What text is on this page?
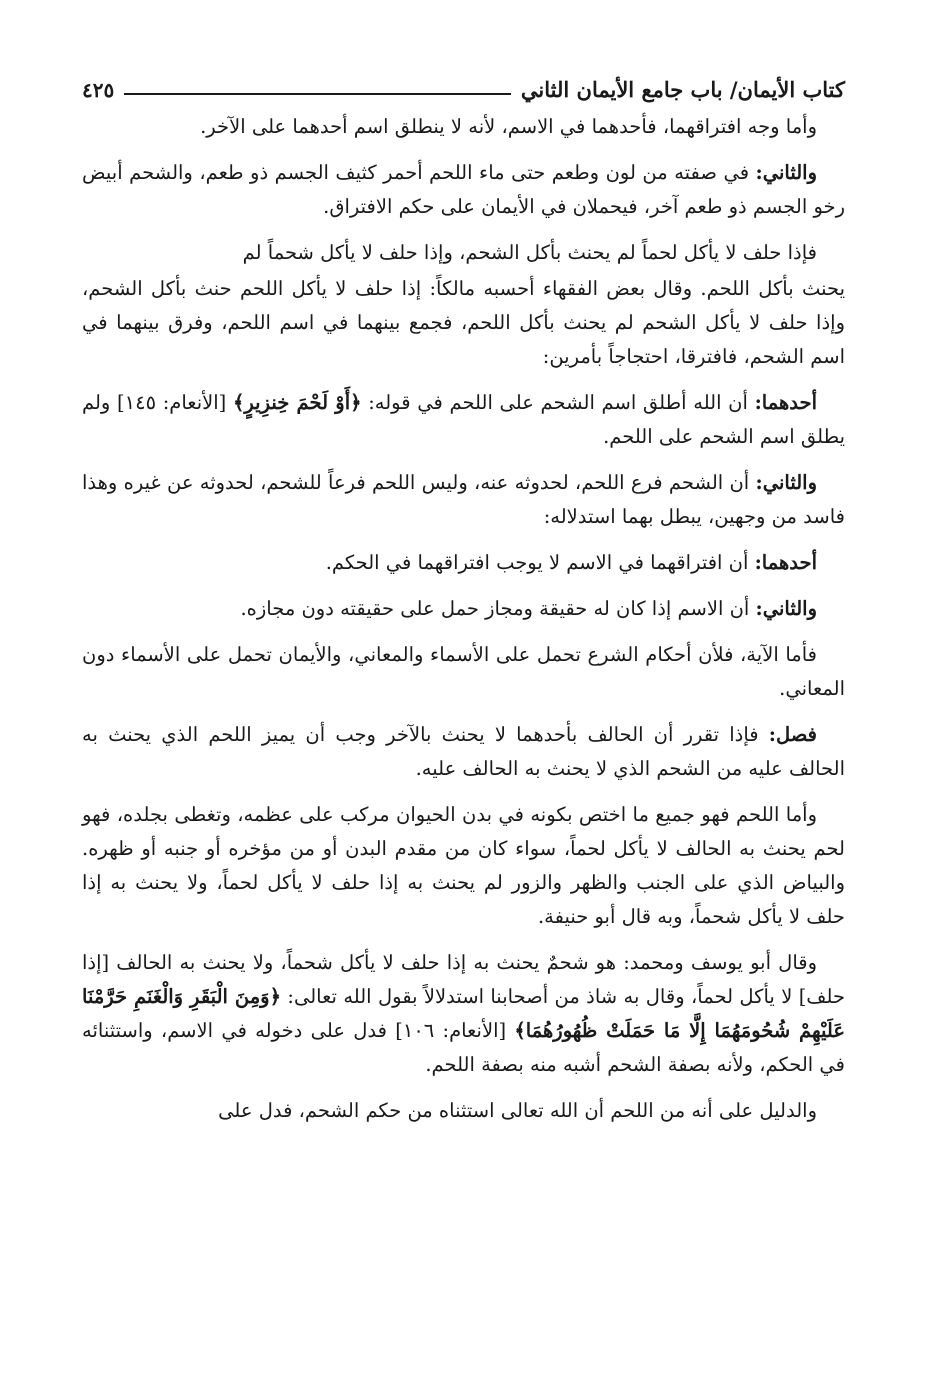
كتاب الأيمان/ باب جامع الأيمان الثاني
٤٢٥

وأما وجه افتراقهما، فأحدهما في الاسم، لأنه لا ينطلق اسم أحدهما على الآخر.

والثاني: في صفته من لون وطعم حتى ماء اللحم أحمر كثيف الجسم ذو طعم، والشحم أبيض رخو الجسم ذو طعم آخر، فيحملان في الأيمان على حكم الافتراق.

فإذا حلف لا يأكل لحماً لم يحنث بأكل الشحم، وإذا حلف لا يأكل شحماً لم

يحنث بأكل اللحم. وقال بعض الفقهاء أحسبه مالكاً: إذا حلف لا يأكل اللحم حنث بأكل الشحم، وإذا حلف لا يأكل الشحم لم يحنث بأكل اللحم، فجمع بينهما في اسم اللحم، وفرق بينهما في اسم الشحم، فافترقا، احتجاجاً بأمرين:

أحدهما: أن الله أطلق اسم الشحم على اللحم في قوله: ﴿أَوْ لَحْمَ خِنزِيرٍ﴾ [الأنعام: ١٤٥] ولم يطلق اسم الشحم على اللحم.

والثاني: أن الشحم فرع اللحم، لحدوثه عنه، وليس اللحم فرعاً للشحم، لحدوثه عن غيره وهذا فاسد من وجهين، يبطل بهما استدلاله:

أحدهما: أن افتراقهما في الاسم لا يوجب افتراقهما في الحكم.

والثاني: أن الاسم إذا كان له حقيقة ومجاز حمل على حقيقته دون مجازه.

فأما الآية، فلأن أحكام الشرع تحمل على الأسماء والمعاني، والأيمان تحمل على الأسماء دون المعاني.

فصل: فإذا تقرر أن الحالف بأحدهما لا يحنث بالآخر وجب أن يميز اللحم الذي يحنث به الحالف عليه من الشحم الذي لا يحنث به الحالف عليه.

وأما اللحم فهو جميع ما اختص بكونه في بدن الحيوان مركب على عظمه، وتغطى بجلده، فهو لحم يحنث به الحالف لا يأكل لحماً، سواء كان من مقدم البدن أو من مؤخره أو جنبه أو ظهره. والبياض الذي على الجنب والظهر والزور لم يحنث به إذا حلف لا يأكل لحماً، ولا يحنث به إذا حلف لا يأكل شحماً، وبه قال أبو حنيفة.

وقال أبو يوسف ومحمد: هو شحمٌ يحنث به إذا حلف لا يأكل شحماً، ولا يحنث به الحالف [إذا حلف] لا يأكل لحماً، وقال به شاذ من أصحابنا استدلالاً بقول الله تعالى: ﴿وَمِنَ الْبَقَرِ وَالْغَنَمِ حَرَّمْنَا عَلَيْهِمْ شُحُومَهُمَا إِلَّا مَا حَمَلَتْ ظُهُورُهُمَا﴾ [الأنعام: ١٠٦] فدل على دخوله في الاسم، واستثنائه في الحكم، ولأنه بصفة الشحم أشبه منه بصفة اللحم.

والدليل على أنه من اللحم أن الله تعالى استثناه من حكم الشحم، فدل على
